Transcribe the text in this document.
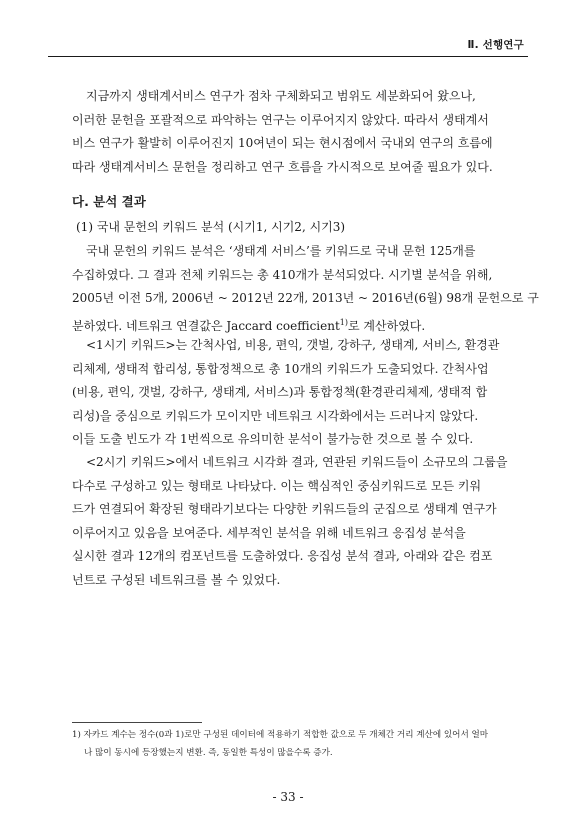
Ⅱ. 선행연구
지금까지 생태계서비스 연구가 점차 구체화되고 범위도 세분화되어 왔으나,
이러한 문헌을 포괄적으로 파악하는 연구는 이루어지지 않았다. 따라서 생태계서
비스 연구가 활발히 이루어진지 10여년이 되는 현시점에서 국내외 연구의 흐름에
따라 생태계서비스 문헌을 정리하고 연구 흐름을 가시적으로 보여줄 필요가 있다.
다. 분석 결과
(1) 국내 문헌의 키워드 분석 (시기1, 시기2, 시기3)
국내 문헌의 키워드 분석은 ‘생태계 서비스’를 키워드로 국내 문헌 125개를
수집하였다. 그 결과 전체 키워드는 총 410개가 분석되었다. 시기별 분석을 위해,
2005년 이전 5개, 2006년 ~ 2012년 22개, 2013년 ~ 2016년(6월) 98개 문헌으로 구
분하였다. 네트워크 연결값은 Jaccard coefficient$^{1)}$로 계산하였다.
<1시기 키워드>는 간척사업, 비용, 편익, 갯벌, 강하구, 생태계, 서비스, 환경관
리체제, 생태적 합리성, 통합정책으로 총 10개의 키워드가 도출되었다. 간척사업
(비용, 편익, 갯벌, 강하구, 생태계, 서비스)과 통합정책(환경관리체제, 생태적 합
리성)을 중심으로 키워드가 모이지만 네트워크 시각화에서는 드러나지 않았다.
이들 도출 빈도가 각 1번씩으로 유의미한 분석이 불가능한 것으로 볼 수 있다.
<2시기 키워드>에서 네트워크 시각화 결과, 연관된 키워드들이 소규모의 그룹을
다수로 구성하고 있는 형태로 나타났다. 이는 핵심적인 중심키워드로 모든 키워
드가 연결되어 확장된 형태라기보다는 다양한 키워드들의 군집으로 생태계 연구가
이루어지고 있음을 보여준다. 세부적인 분석을 위해 네트워크 응집성 분석을
실시한 결과 12개의 컴포넌트를 도출하였다. 응집성 분석 결과, 아래와 같은 컴포
넌트로 구성된 네트워크를 볼 수 있었다.
1) 자카드 계수는 정수(0과 1)로만 구성된 데이터에 적용하기 적합한 값으로 두 개체간 거리 계산에 있어서 얼마
나 많이 동시에 등장했는지 변환. 즉, 동일한 특성이 많을수록 증가.
- 33 -
